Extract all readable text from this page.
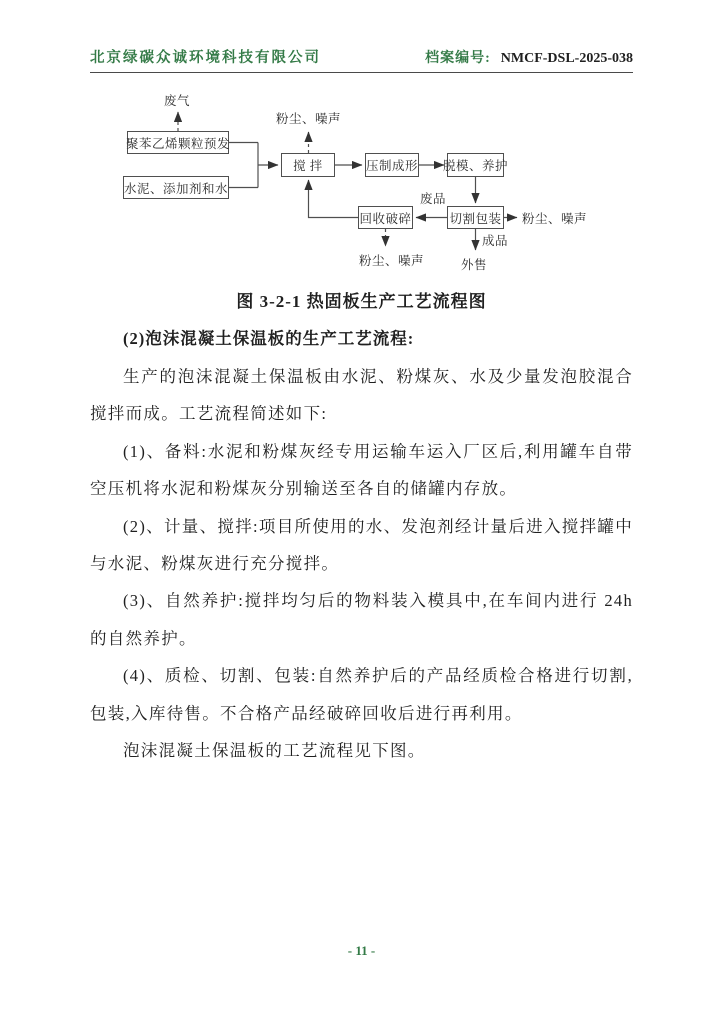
北京绿碳众诚环境科技有限公司	档案编号: NMCF-DSL-2025-038
聚苯乙烯颗粒预发
水泥、添加剂和水
搅 拌	压制成形 脱模、养护
回收破碎	切割包装
废气
粉尘、噪声
废品
粉尘、噪声
成品
外售
粉尘、噪声
图 3-2-1 热固板生产工艺流程图
(2)泡沫混凝土保温板的生产工艺流程:

生产的泡沫混凝土保温板由水泥、粉煤灰、水及少量发泡胶混合搅拌而成。工艺流程简述如下:

(1)、备料:水泥和粉煤灰经专用运输车运入厂区后,利用罐车自带空压机将水泥和粉煤灰分别输送至各自的储罐内存放。

(2)、计量、搅拌:项目所使用的水、发泡剂经计量后进入搅拌罐中与水泥、粉煤灰进行充分搅拌。

(3)、自然养护:搅拌均匀后的物料装入模具中,在车间内进行 24h 的自然养护。

(4)、质检、切割、包装:自然养护后的产品经质检合格进行切割,包装,入库待售。不合格产品经破碎回收后进行再利用。

泡沫混凝土保温板的工艺流程见下图。

- 11 -
